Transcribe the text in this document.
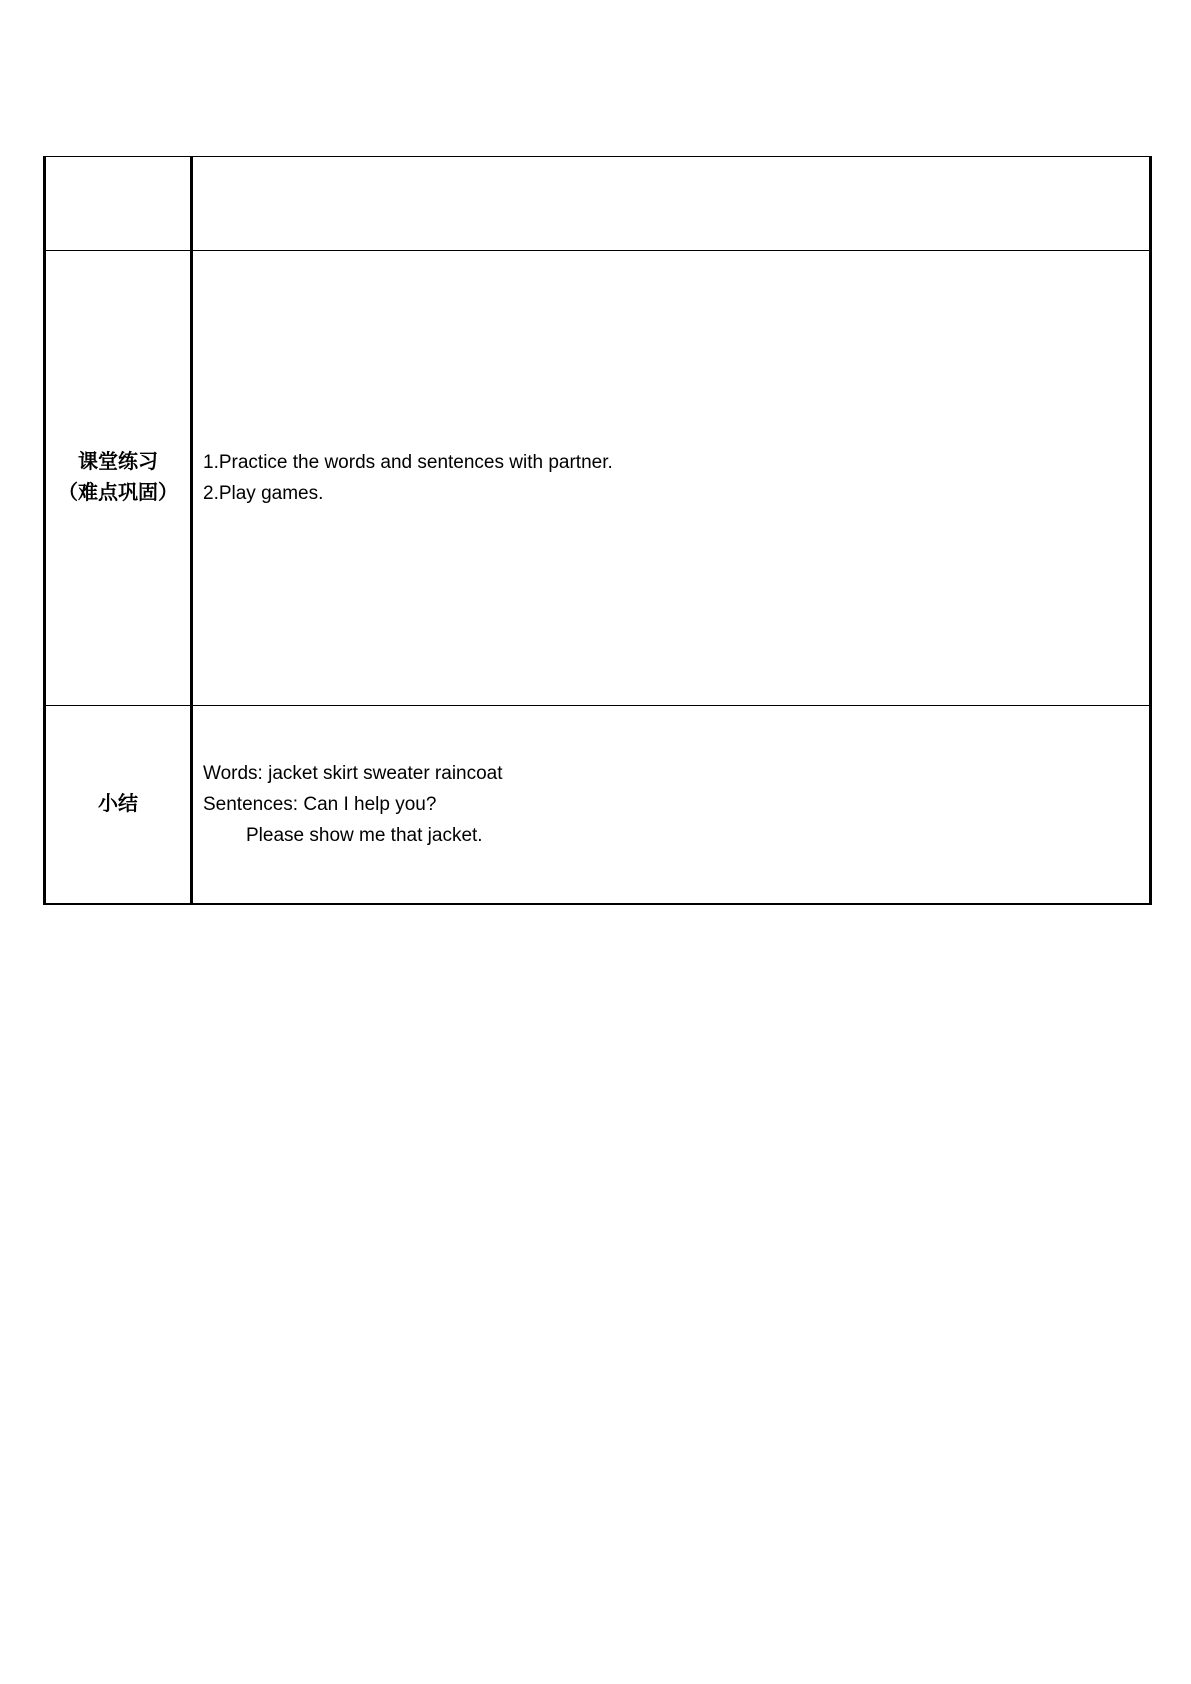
课堂练习
（难点巩固）	1.Practice the words and sentences with partner.
2.Play games.

小结	Words: jacket skirt sweater raincoat
Sentences: Can I help you?
Please show me that jacket.
